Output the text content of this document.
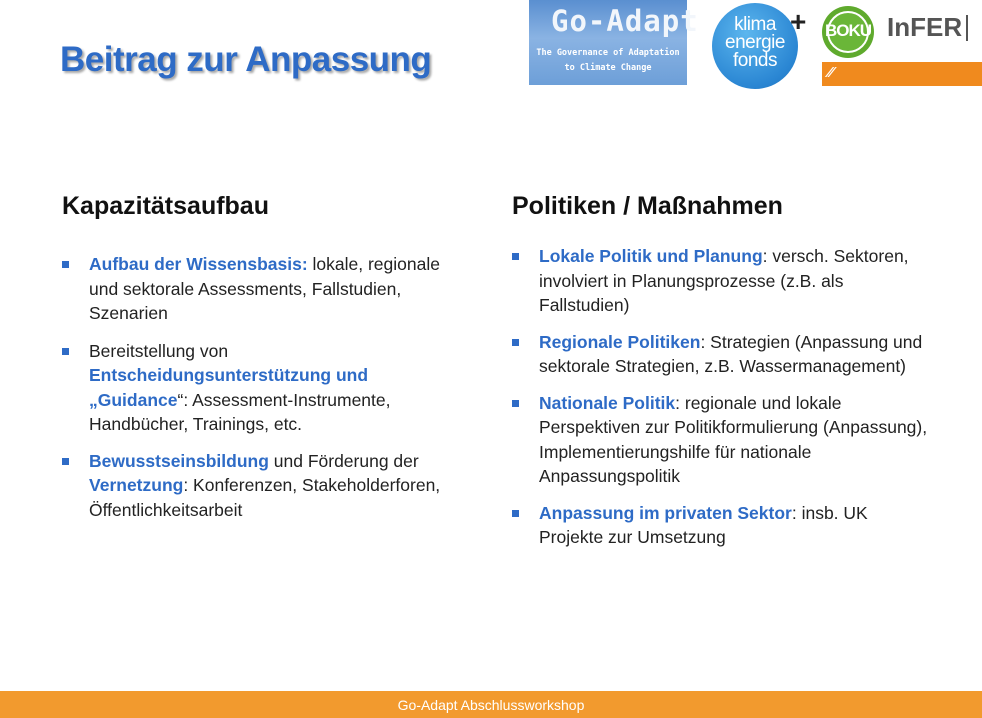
Beitrag zur Anpassung
Go-Adapt
The Governance of Adaptation
to Climate Change
klima
energie
fonds
+ BOKU InFER
⁄⁄
Kapazitätsaufbau
Aufbau der Wissensbasis: lokale, regionale und sektorale Assessments, Fallstudien, Szenarien
Bereitstellung von Entscheidungsunterstützung und „Guidance“: Assessment-Instrumente, Handbücher, Trainings, etc.
Bewusstseinsbildung und Förderung der Vernetzung: Konferenzen, Stakeholderforen, Öffentlichkeitsarbeit
Politiken / Maßnahmen
Lokale Politik und Planung: versch. Sektoren, involviert in Planungsprozesse (z.B. als Fallstudien)
Regionale Politiken: Strategien (Anpassung und sektorale Strategien, z.B. Wassermanagement)
Nationale Politik: regionale und lokale Perspektiven zur Politikformulierung (Anpassung), Implementierungshilfe für nationale Anpassungspolitik
Anpassung im privaten Sektor: insb. UK Projekte zur Umsetzung
Go-Adapt Abschlussworkshop
